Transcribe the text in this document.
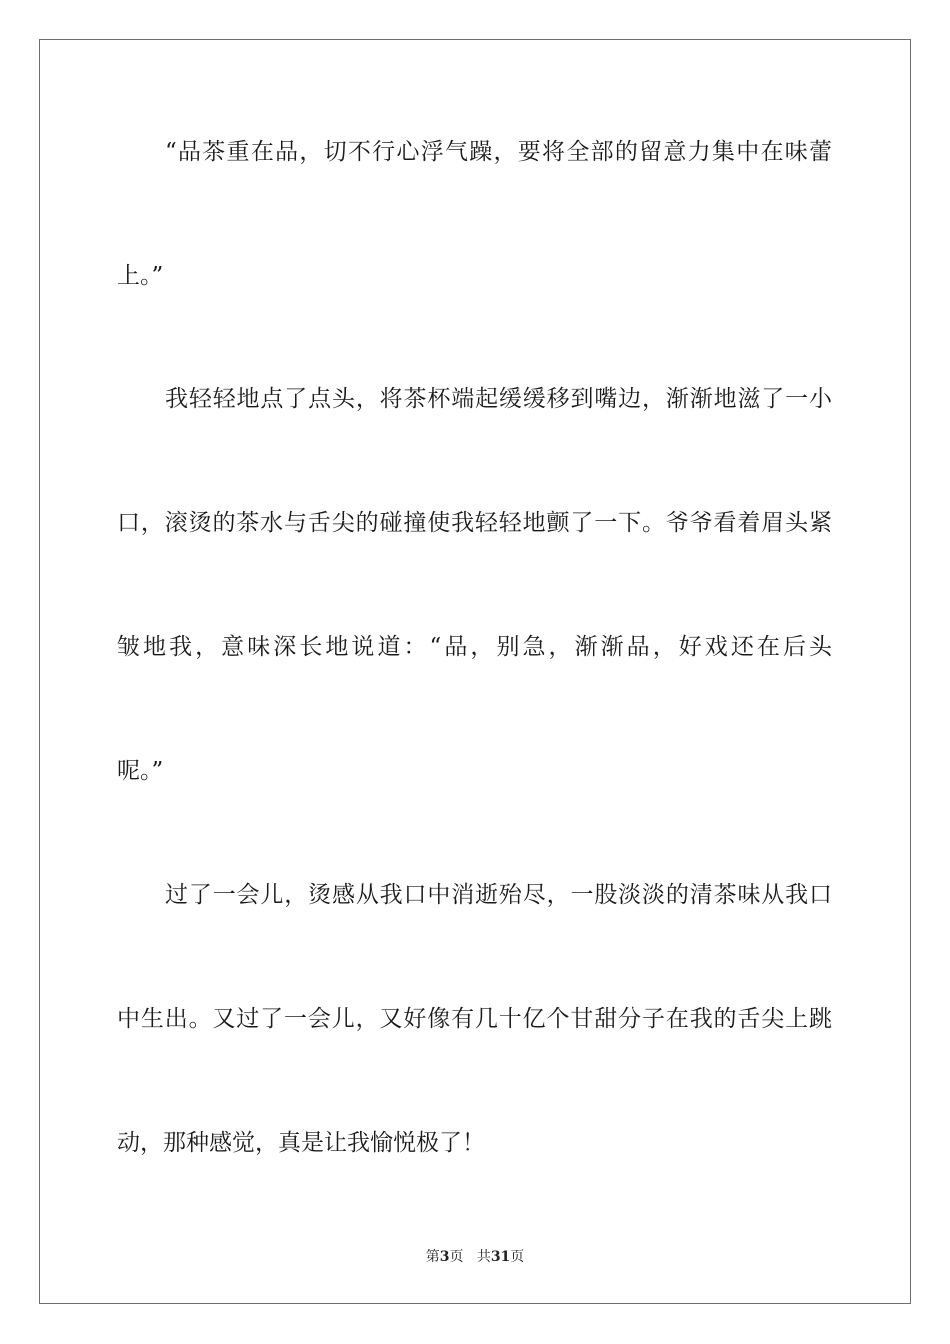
“品茶重在品，切不行心浮气躁，要将全部的留意力集中在味蕾
上。”
我轻轻地点了点头，将茶杯端起缓缓移到嘴边，渐渐地滋了一小
口，滚烫的茶水与舌尖的碰撞使我轻轻地颤了一下。爷爷看着眉头紧
皱地我，意味深长地说道：“品，别急，渐渐品，好戏还在后头
呢。”
过了一会儿，烫感从我口中消逝殆尽，一股淡淡的清茶味从我口
中生出。又过了一会儿，又好像有几十亿个甘甜分子在我的舌尖上跳
动，那种感觉，真是让我愉悦极了！
第3页 共31页
